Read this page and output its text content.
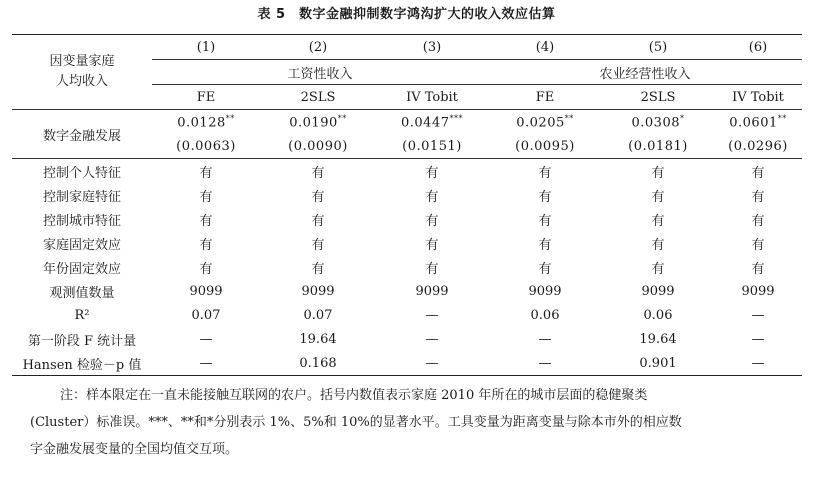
表 5　数字金融抑制数字鸿沟扩大的收入效应估算
因变量家庭
人均收入	(1)	(2)	(3)	(4)	(5)	(6)
	工资性收入			农业经营性收入		
	FE	2SLS	IV Tobit	FE	2SLS	IV Tobit
数字金融发展	0.0128**	0.0190**	0.0447***	0.0205**	0.0308*	0.0601**
	(0.0063)	(0.0090)	(0.0151)	(0.0095)	(0.0181)	(0.0296)
控制个人特征	有	有	有	有	有	有
控制家庭特征	有	有	有	有	有	有
控制城市特征	有	有	有	有	有	有
家庭固定效应	有	有	有	有	有	有
年份固定效应	有	有	有	有	有	有
观测值数量	9099	9099	9099	9099	9099	9099
R²	0.07	0.07	—	0.06	0.06	—
第一阶段 F 统计量	—	19.64	—	—	19.64	—
Hansen 检验－p 值	—	0.168	—	—	0.901	—

注：样本限定在一直未能接触互联网的农户。括号内数值表示家庭 2010 年所在的城市层面的稳健聚类

(Cluster）标准误。***、**和*分别表示 1%、5%和 10%的显著水平。工具变量为距离变量与除本市外的相应数

字金融发展变量的全国均值交互项。
